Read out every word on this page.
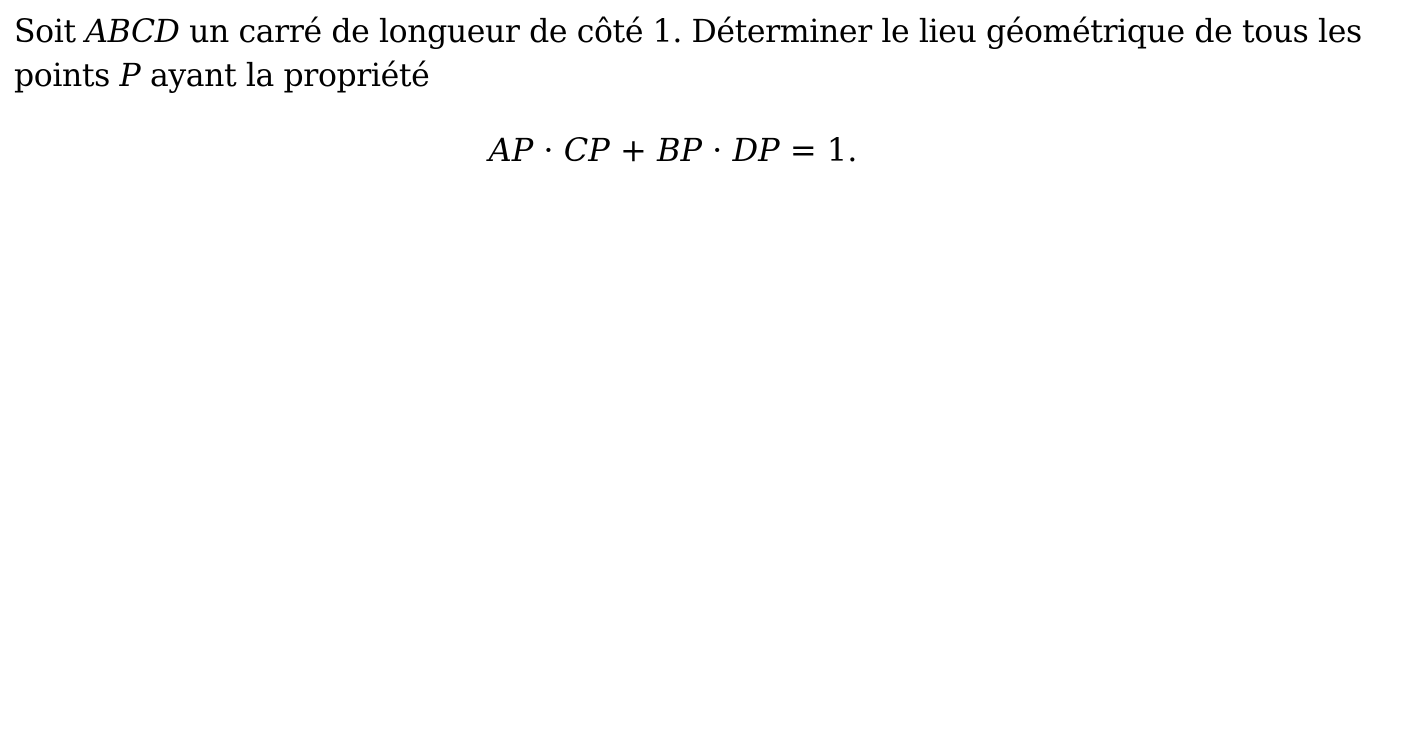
Soit ABCD un carré de longueur de côté 1. Déterminer le lieu géométrique de tous les
points P ayant la propriété

AP · CP + BP · DP = 1.
